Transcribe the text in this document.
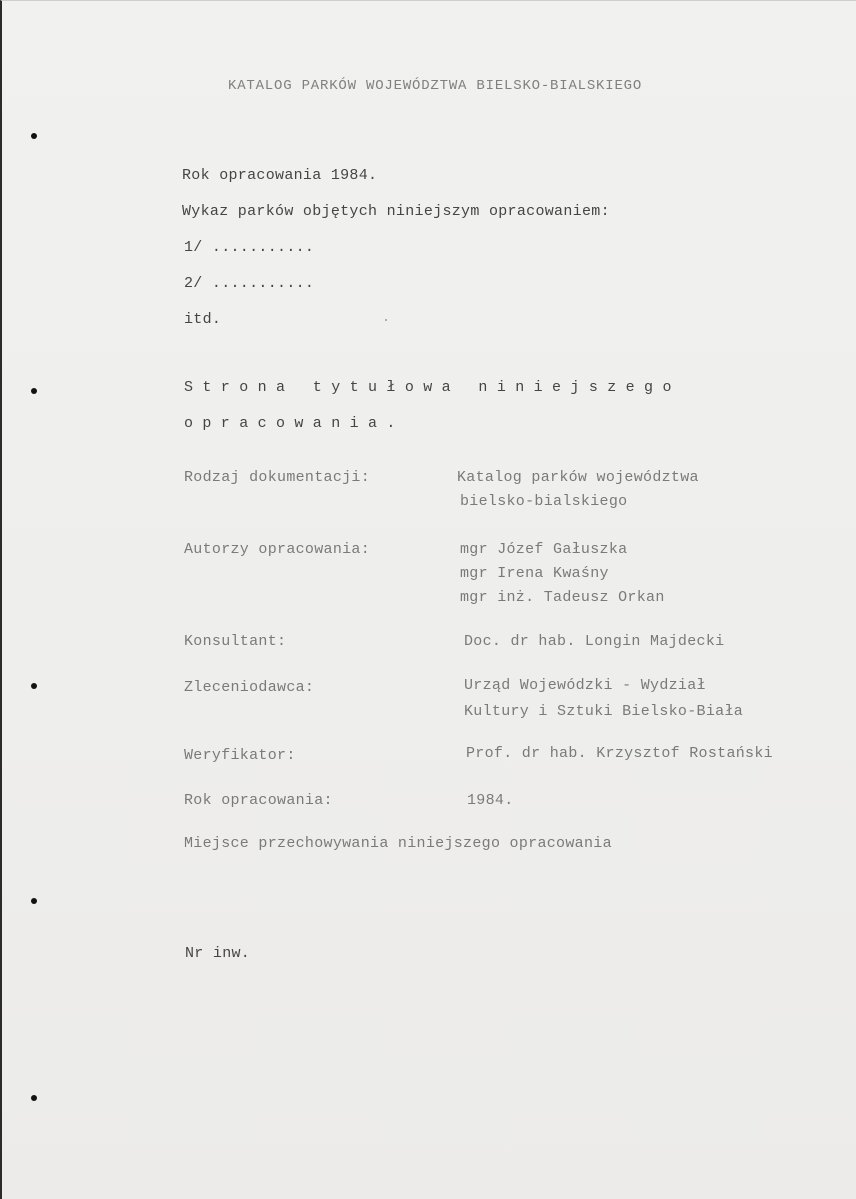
KATALOG PARKÓW WOJEWÓDZTWA BIELSKO-BIALSKIEGO
Rok opracowania 1984.
Wykaz parków objętych niniejszym opracowaniem:
1/ ...........
2/ ...........
itd.
Strona tytułowa niniejszego
opracowania.
Rodzaj dokumentacji:	Katalog parków województwa
bielsko-bialskiego
Autorzy opracowania:	mgr Józef Gałuszka
mgr Irena Kwaśny
mgr inż. Tadeusz Orkan
Konsultant:	Doc. dr hab. Longin Majdecki
Zleceniodawca:	Urząd Wojewódzki - Wydział
Kultury i Sztuki Bielsko-Biała
Weryfikator:	Prof. dr hab. Krzysztof Rostański
Rok opracowania:	1984.
Miejsce przechowywania niniejszego opracowania
Nr inw.
